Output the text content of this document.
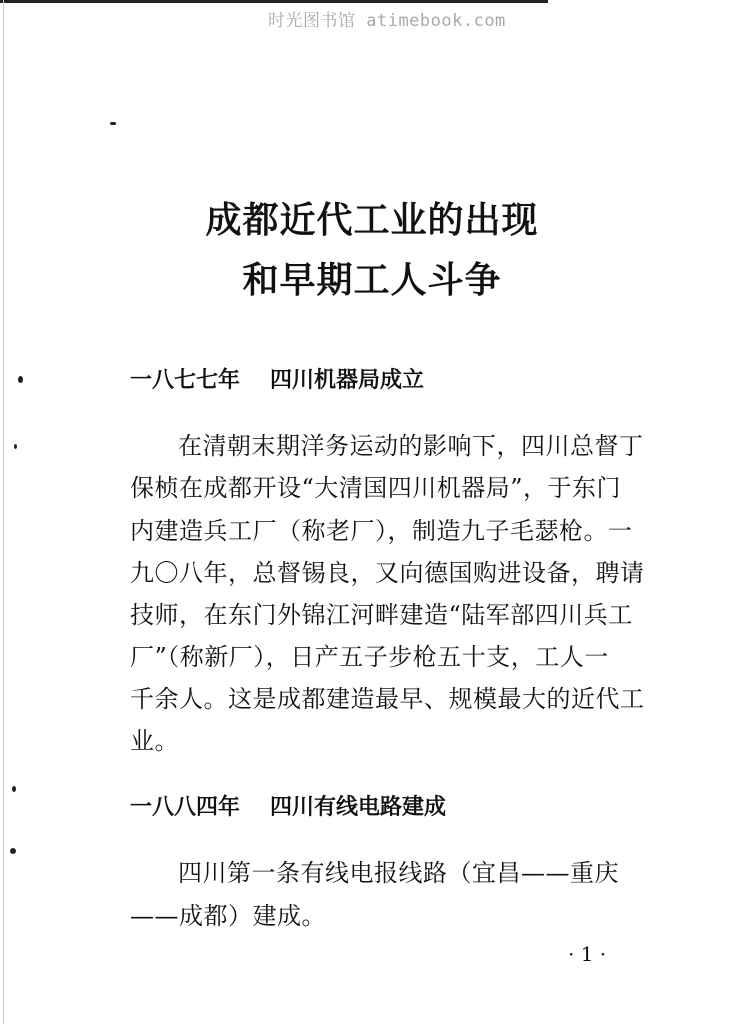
时光图书馆 atimebook.com
成都近代工业的出现
和早期工人斗争
一八七七年 四川机器局成立
在清朝末期洋务运动的影响下，四川总督丁
保桢在成都开设“大清国四川机器局”，于东门
内建造兵工厂（称老厂），制造九子毛瑟枪。一
九〇八年，总督锡良，又向德国购进设备，聘请
技师，在东门外锦江河畔建造“陆军部四川兵工
厂”（称新厂），日产五子步枪五十支，工人一
千余人。这是成都建造最早、规模最大的近代工
业。
一八八四年 四川有线电路建成
四川第一条有线电报线路（宜昌——重庆
——成都）建成。
· 1 ·
